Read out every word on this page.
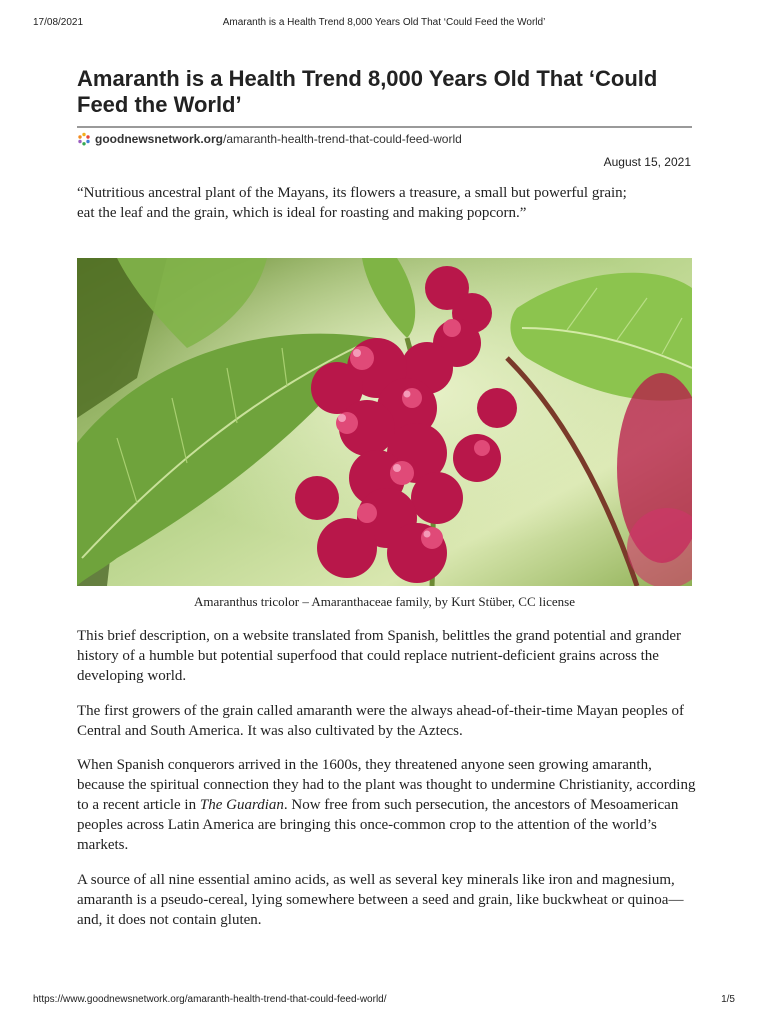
17/08/2021	Amaranth is a Health Trend 8,000 Years Old That ‘Could Feed the World’
Amaranth is a Health Trend 8,000 Years Old That ‘Could Feed the World’
goodnewsnetwork.org/amaranth-health-trend-that-could-feed-world
August 15, 2021

“Nutritious ancestral plant of the Mayans, its flowers a treasure, a small but powerful grain; eat the leaf and the grain, which is ideal for roasting and making popcorn.”

Amaranthus tricolor – Amaranthaceae family, by Kurt Stüber, CC license

This brief description, on a website translated from Spanish, belittles the grand potential and grander history of a humble but potential superfood that could replace nutrient-deficient grains across the developing world.

The first growers of the grain called amaranth were the always ahead-of-their-time Mayan peoples of Central and South America. It was also cultivated by the Aztecs.

When Spanish conquerors arrived in the 1600s, they threatened anyone seen growing amaranth, because the spiritual connection they had to the plant was thought to undermine Christianity, according to a recent article in The Guardian. Now free from such persecution, the ancestors of Mesoamerican peoples across Latin America are bringing this once-common crop to the attention of the world’s markets.

A source of all nine essential amino acids, as well as several key minerals like iron and magnesium, amaranth is a pseudo-cereal, lying somewhere between a seed and grain, like buckwheat or quinoa—and, it does not contain gluten.

https://www.goodnewsnetwork.org/amaranth-health-trend-that-could-feed-world/	1/5
